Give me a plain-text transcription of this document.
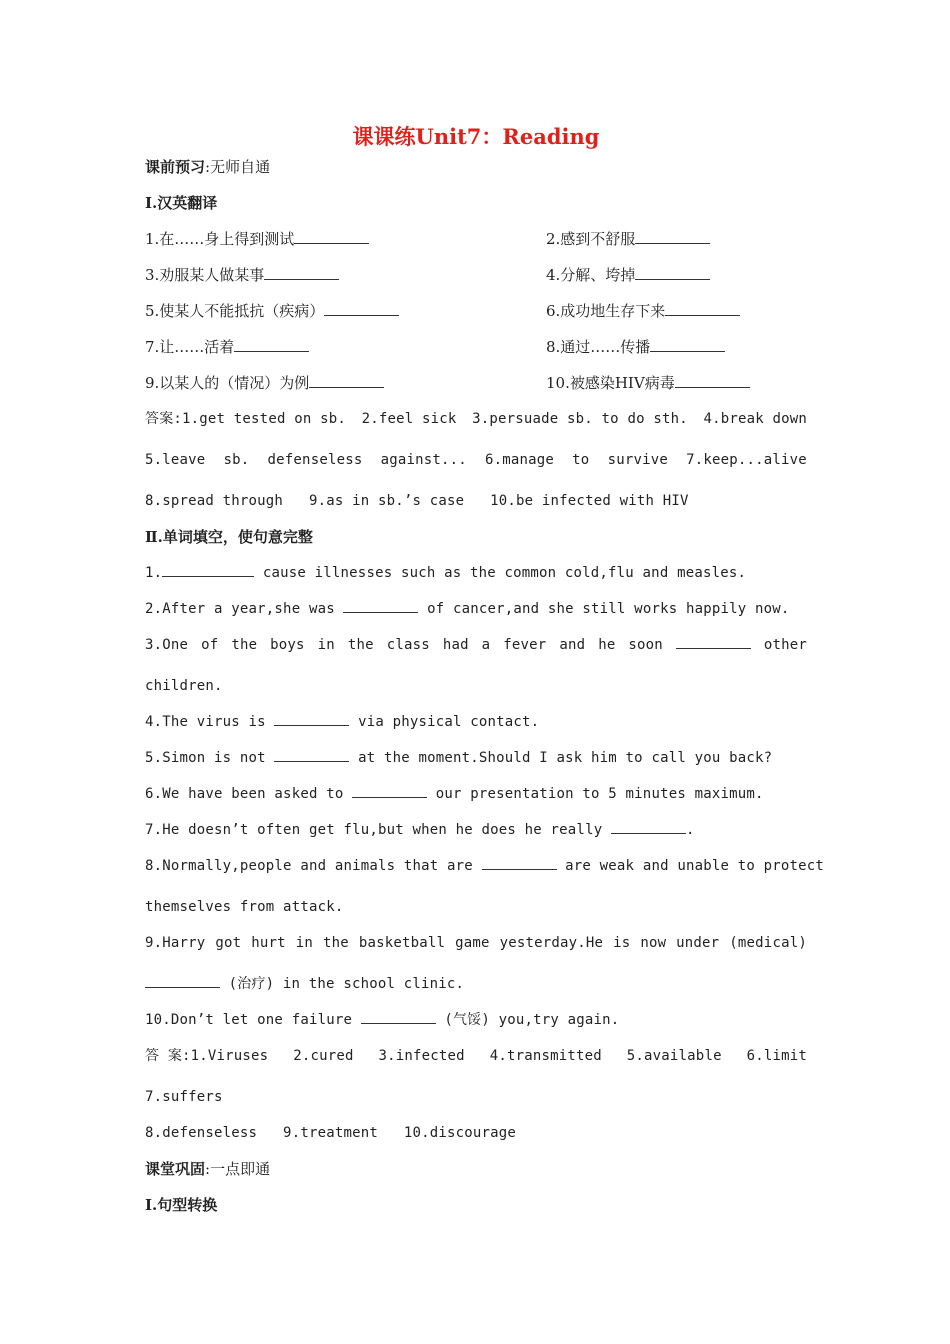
课课练Unit7：Reading
课前预习:无师自通
Ⅰ.汉英翻译
1.在……身上得到测试	2.感到不舒服
3.劝服某人做某事	4.分解、垮掉
5.使某人不能抵抗（疾病）	6.成功地生存下来
7.让……活着	8.通过……传播
9.以某人的（情况）为例	10.被感染HIV病毒
答案:1.get tested on sb. 2.feel sick 3.persuade sb. to do sth. 4.break down
5.leave sb. defenseless against... 6.manage to survive 7.keep...alive
8.spread through   9.as in sb.’s case   10.be infected with HIV
Ⅱ.单词填空，使句意完整
1.	cause illnesses such as the common cold,flu and measles.
2.After a year,she was	of cancer,and she still works happily now.
3.One of the boys in the class had a fever and he soon	other
children.
4.The virus is	via physical contact.
5.Simon is not	at the moment.Should I ask him to call you back?
6.We have been asked to	our presentation to 5 minutes maximum.
7.He doesn’t often get flu,but when he does he really	.
8.Normally,people and animals that are	are weak and unable to protect
themselves from attack.
9.Harry got hurt in the basketball game yesterday.He is now under (medical)
(治疗) in the school clinic.
10.Don’t let one failure	(气馁) you,try again.
答 案:1.Viruses 2.cured 3.infected 4.transmitted 5.available 6.limit
7.suffers
8.defenseless   9.treatment   10.discourage
课堂巩固:一点即通
Ⅰ.句型转换
